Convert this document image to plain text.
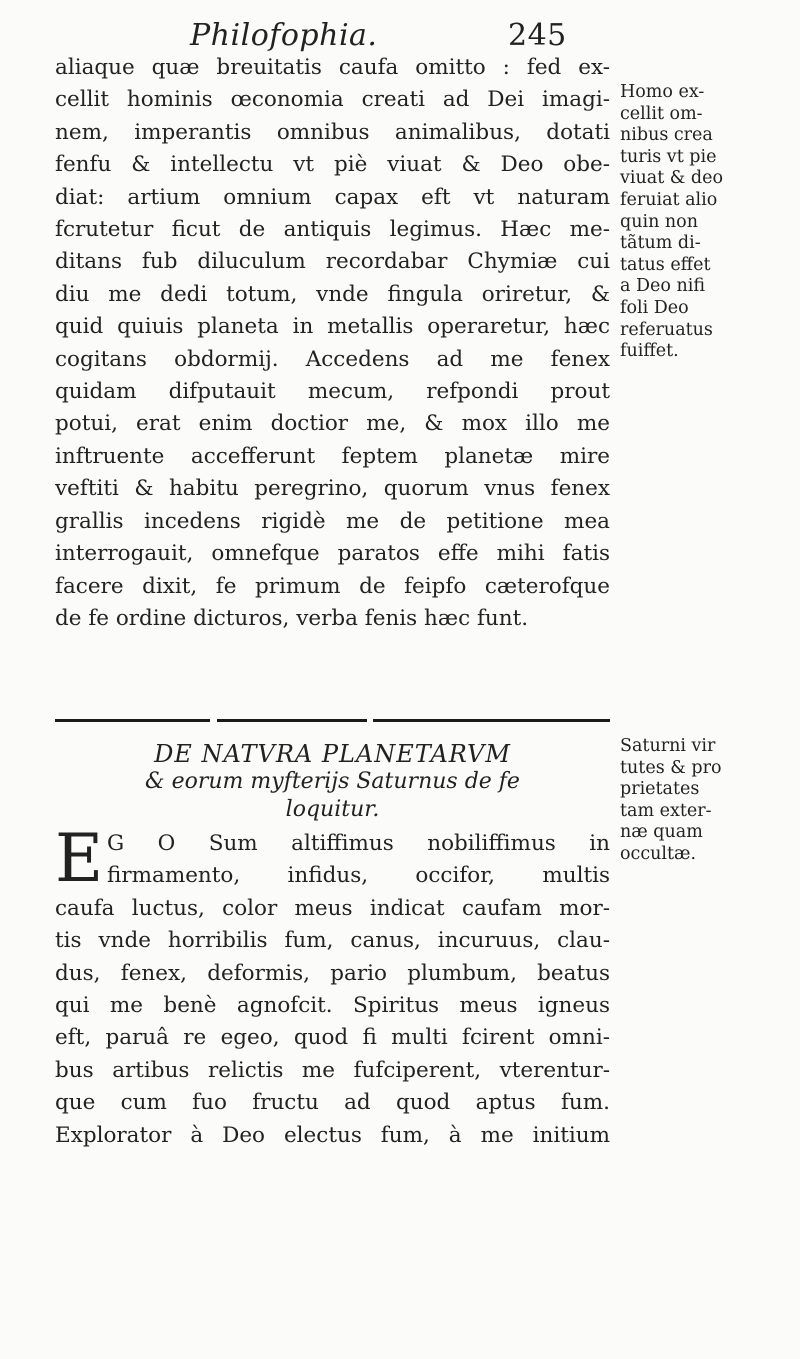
Philofophia.	245
aliaque quæ breuitatis caufa omitto : fed ex-
cellit hominis œconomia creati ad Dei imagi-
nem, imperantis omnibus animalibus, dotati
fenfu & intellectu vt piè viuat & Deo obe-
diat: artium omnium capax eft vt naturam
fcrutetur ficut de antiquis legimus. Hæc me-
ditans fub diluculum recordabar Chymiæ cui
diu me dedi totum, vnde fingula oriretur, &
quid quiuis planeta in metallis operaretur, hæc
cogitans obdormij. Accedens ad me fenex
quidam difputauit mecum, refpondi prout
potui, erat enim doctior me, & mox illo me
inftruente accefferunt feptem planetæ mire
veftiti & habitu peregrino, quorum vnus fenex
grallis incedens rigidè me de petitione mea
interrogauit, omnefque paratos effe mihi fatis
facere dixit, fe primum de feipfo cæterofque
de fe ordine dicturos, verba fenis hæc funt.
Homo ex-
cellit om-
nibus crea
turis vt pie
viuat & deo
feruiat alio
quin non
tãtum di-
tatus effet
a Deo nifi
foli Deo
referuatus
fuiffet.
DE NATVRA PLANETARVM
& eorum myfterijs Saturnus de fe
loquitur.
Saturni vir
tutes & pro
prietates
tam exter-
næ quam
occultæ.
E G O Sum altiffimus nobiliffimus in
firmamento, infidus, occifor, multis
caufa luctus, color meus indicat caufam mor-
tis vnde horribilis fum, canus, incuruus, clau-
dus, fenex, deformis, pario plumbum, beatus
qui me benè agnofcit. Spiritus meus igneus
eft, paruâ re egeo, quod fi multi fcirent omni-
bus artibus relictis me fufciperent, vterentur-
que cum fuo fructu ad quod aptus fum.
Explorator à Deo electus fum, à me initium
